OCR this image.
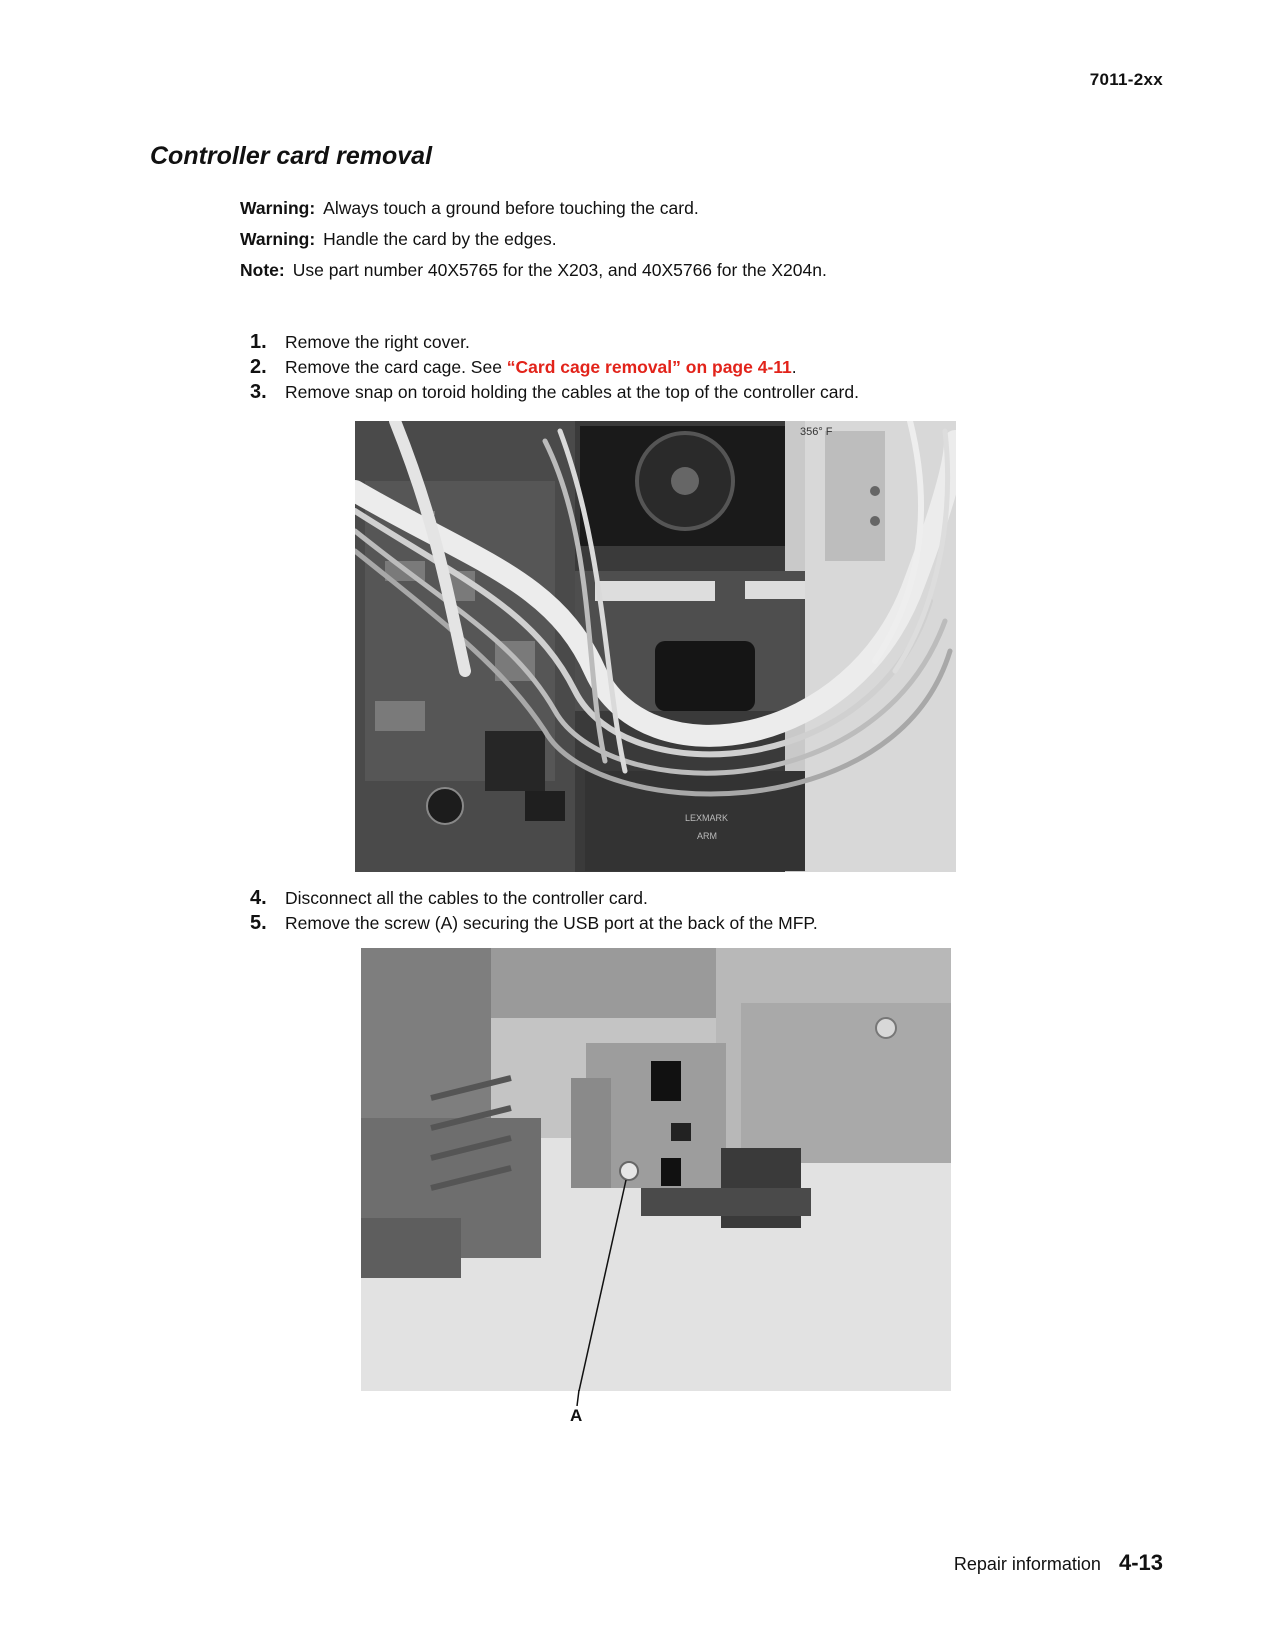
7011-2xx
Controller card removal

Warning: Always touch a ground before touching the card.

Warning: Handle the card by the edges.

Note: Use part number 40X5765 for the X203, and 40X5766 for the X204n.

1.	Remove the right cover.
2.	Remove the card cage. See “Card cage removal” on page 4-11.
3.	Remove snap on toroid holding the cables at the top of the controller card.
356° F
LEXMARK
ARM
4.	Disconnect all the cables to the controller card.
5.	Remove the screw (A) securing the USB port at the back of the MFP.
A
Repair information 4-13
